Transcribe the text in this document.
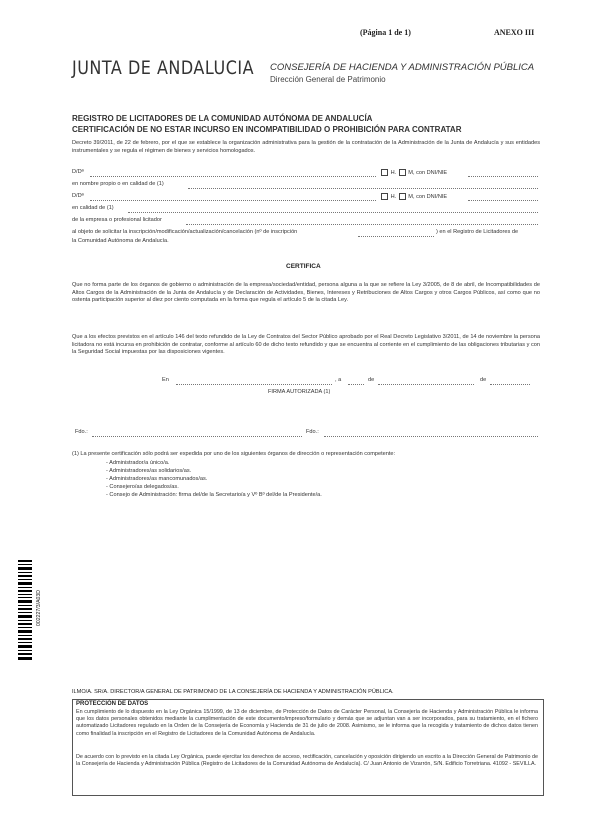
(Página 1 de 1)	ANEXO III
JUNTA DE ANDALUCIA CONSEJERÍA DE HACIENDA Y ADMINISTRACIÓN PÚBLICA
Dirección General de Patrimonio
REGISTRO DE LICITADORES DE LA COMUNIDAD AUTÓNOMA DE ANDALUCÍA
CERTIFICACIÓN DE NO ESTAR INCURSO EN INCOMPATIBILIDAD O PROHIBICIÓN PARA CONTRATAR
Decreto 39/2011, de 22 de febrero, por el que se establece la organización administrativa para la gestión de la contratación de la Administración de la Junta de Andalucía y sus entidades instrumentales y se regula el régimen de bienes y servicios homologados.
D/Dª	H. M, con DNI/NIE
en nombre propio o en calidad de (1)
D/Dª	H. M, con DNI/NIE
en calidad de (1)
de la empresa o profesional licitador
al objeto de solicitar la inscripción/modificación/actualización/cancelación (nº de inscripción	) en el Registro de Licitadores de
la Comunidad Autónoma de Andalucía.
CERTIFICA
Que no forma parte de los órganos de gobierno o administración de la empresa/sociedad/entidad, persona alguna a la que se refiere la Ley 3/2005, de 8 de abril, de Incompatibilidades de Altos Cargos de la Administración de la Junta de Andalucía y de Declaración de Actividades, Bienes, Intereses y Retribuciones de Altos Cargos y otros Cargos Públicos, así como que no ostenta participación superior al diez por ciento computada en la forma que regula el artículo 5 de la citada Ley.
Que a los efectos previstos en el artículo 146 del texto refundido de la Ley de Contratos del Sector Público aprobado por el Real Decreto Legislativo 3/2011, de 14 de noviembre la persona licitadora no está incursa en prohibición de contratar, conforme al artículo 60 de dicho texto refundido y que se encuentra al corriente en el cumplimiento de las obligaciones tributarias y con la Seguridad Social impuestas por las disposiciones vigentes.
En	, a	de	de
FIRMA AUTORIZADA (1)
Fdo.:	Fdo.:
(1) La presente certificación sólo podrá ser expedida por uno de los siguientes órganos de dirección o representación competente:
- Administrador/a único/a.
- Administradores/as solidarios/as.
- Administradores/as mancomunados/as.
- Consejero/as delegados/as.
- Consejo de Administración: firma del/de la Secretario/a y Vº Bº del/de la Presidente/a.
002227/3/A03D
ILMO/A. SR/A. DIRECTOR/A GENERAL DE PATRIMONIO DE LA CONSEJERÍA DE HACIENDA Y ADMINISTRACIÓN PÚBLICA.
PROTECCIÓN DE DATOS
En cumplimiento de lo dispuesto en la Ley Orgánica 15/1999, de 13 de diciembre, de Protección de Datos de Carácter Personal, la Consejería de Hacienda y Administración Pública le informa que los datos personales obtenidos mediante la cumplimentación de este documento/impreso/formulario y demás que se adjuntan van a ser incorporados, para su tratamiento, en el fichero automatizado Licitadores regulado en la Orden de la Consejería de Economía y Hacienda de 31 de julio de 2008. Asimismo, se le informa que la recogida y tratamiento de dichos datos tienen como finalidad la inscripción en el Registro de Licitadores de la Comunidad Autónoma de Andalucía.
De acuerdo con lo previsto en la citada Ley Orgánica, puede ejercitar los derechos de acceso, rectificación, cancelación y oposición dirigiendo un escrito a la Dirección General de Patrimonio de la Consejería de Hacienda y Administración Pública (Registro de Licitadores de la Comunidad Autónoma de Andalucía). C/ Juan Antonio de Vizarrón, S/N. Edificio Torretriana. 41092 - SEVILLA.
